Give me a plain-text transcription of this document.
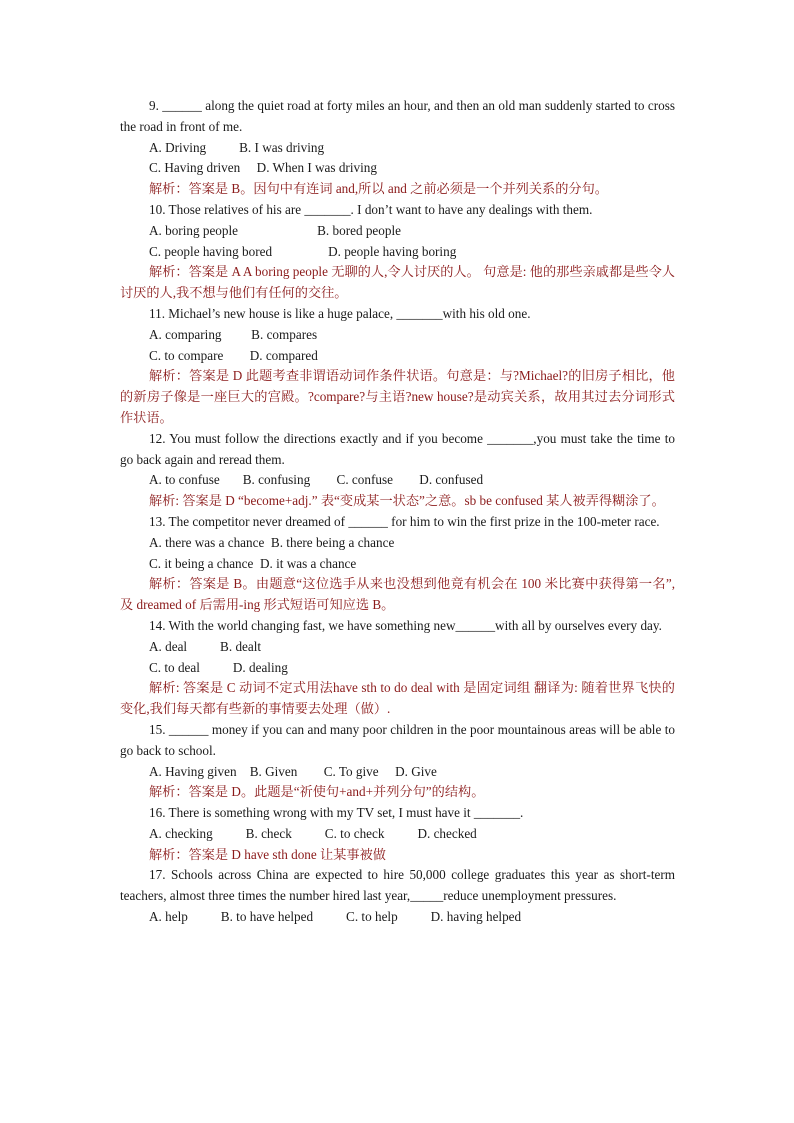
9. ______ along the quiet road at forty miles an hour, and then an old man suddenly started to cross the road in front of me.

A. Driving          B. I was driving

C. Having driven     D. When I was driving

解析：答案是 B。因句中有连词 and,所以 and 之前必须是一个并列关系的分句。

10. Those relatives of his are _______. I don’t want to have any dealings with them.

A. boring people                        B. bored people

C. people having bored                 D. people having boring

解析：答案是 A A boring people 无聊的人,令人讨厌的人。 句意是: 他的那些亲戚都是些令人讨厌的人,我不想与他们有任何的交往。

11. Michael’s new house is like a huge palace, _______with his old one.

A. comparing         B. compares

C. to compare        D. compared

解析：答案是 D 此题考查非谓语动词作条件状语。句意是：与?Michael?的旧房子相比，他的新房子像是一座巨大的宫殿。?compare?与主语?new house?是动宾关系，故用其过去分词形式作状语。

12. You must follow the directions exactly and if you become _______,you must take the time to go back again and reread them.

A. to confuse       B. confusing        C. confuse        D. confused

解析: 答案是 D “become+adj.” 表“变成某一状态”之意。sb be confused 某人被弄得糊涂了。

13. The competitor never dreamed of ______ for him to win the first prize in the 100-meter race.

A. there was a chance  B. there being a chance

C. it being a chance  D. it was a chance

解析：答案是 B。由题意“这位选手从来也没想到他竟有机会在 100 米比赛中获得第一名”,及 dreamed of 后需用-ing 形式短语可知应选 B。

14. With the world changing fast, we have something new______with all by ourselves every day.

A. deal          B. dealt

C. to deal          D. dealing

解析: 答案是 C 动词不定式用法have sth to do deal with 是固定词组 翻译为: 随着世界飞快的变化,我们每天都有些新的事情要去处理（做）.

15. ______ money if you can and many poor children in the poor mountainous areas will be able to go back to school.

A. Having given    B. Given        C. To give     D. Give

解析：答案是 D。此题是“祈使句+and+并列分句”的结构。

16. There is something wrong with my TV set, I must have it _______.

A. checking          B. check          C. to check          D. checked

解析：答案是 D have sth done 让某事被做

17. Schools across China are expected to hire 50,000 college graduates this year as short-term teachers, almost three times the number hired last year,_____reduce unemployment pressures.

A. help          B. to have helped          C. to help          D. having helped
